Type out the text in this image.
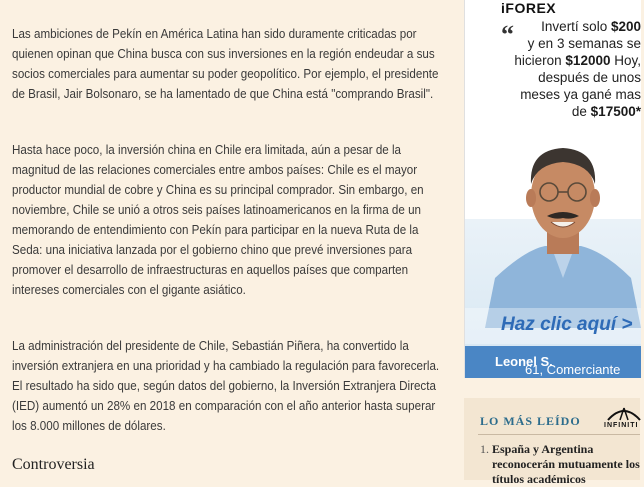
Las ambiciones de Pekín en América Latina han sido duramente criticadas por quienen opinan que China busca con sus inversiones en la región endeudar a sus socios comerciales para aumentar su poder geopolítico. Por ejemplo, el presidente de Brasil, Jair Bolsonaro, se ha lamentado de que China está "comprando Brasil".

Hasta hace poco, la inversión china en Chile era limitada, aún a pesar de la magnitud de las relaciones comerciales entre ambos países: Chile es el mayor productor mundial de cobre y China es su principal comprador. Sin embargo, en noviembre, Chile se unió a otros seis países latinoamericanos en la firma de un memorando de entendimiento con Pekín para participar en la nueva Ruta de la Seda: una iniciativa lanzada por el gobierno chino que prevé inversiones para promover el desarrollo de infraestructuras en aquellos países que comparten intereses comerciales con el gigante asiático.

La administración del presidente de Chile, Sebastián Piñera, ha convertido la inversión extranjera en una prioridad y ha cambiado la regulación para favorecerla. El resultado ha sido que, según datos del gobierno, la Inversión Extranjera Directa (IED) aumentó un 28% en 2018 en comparación con el año anterior hasta superar los 8.000 millones de dólares.

Controversia
iFOREX
“	Invertí solo $200
y en 3 semanas se hicieron $12000 Hoy, después de unos meses ya gané mas de $17500*
Haz clic aquí >
Leonel S.
61, Comerciante
LO MÁS LEÍDO	INFINITI
1. España y Argentina reconocerán mutuamente los títulos académicos
